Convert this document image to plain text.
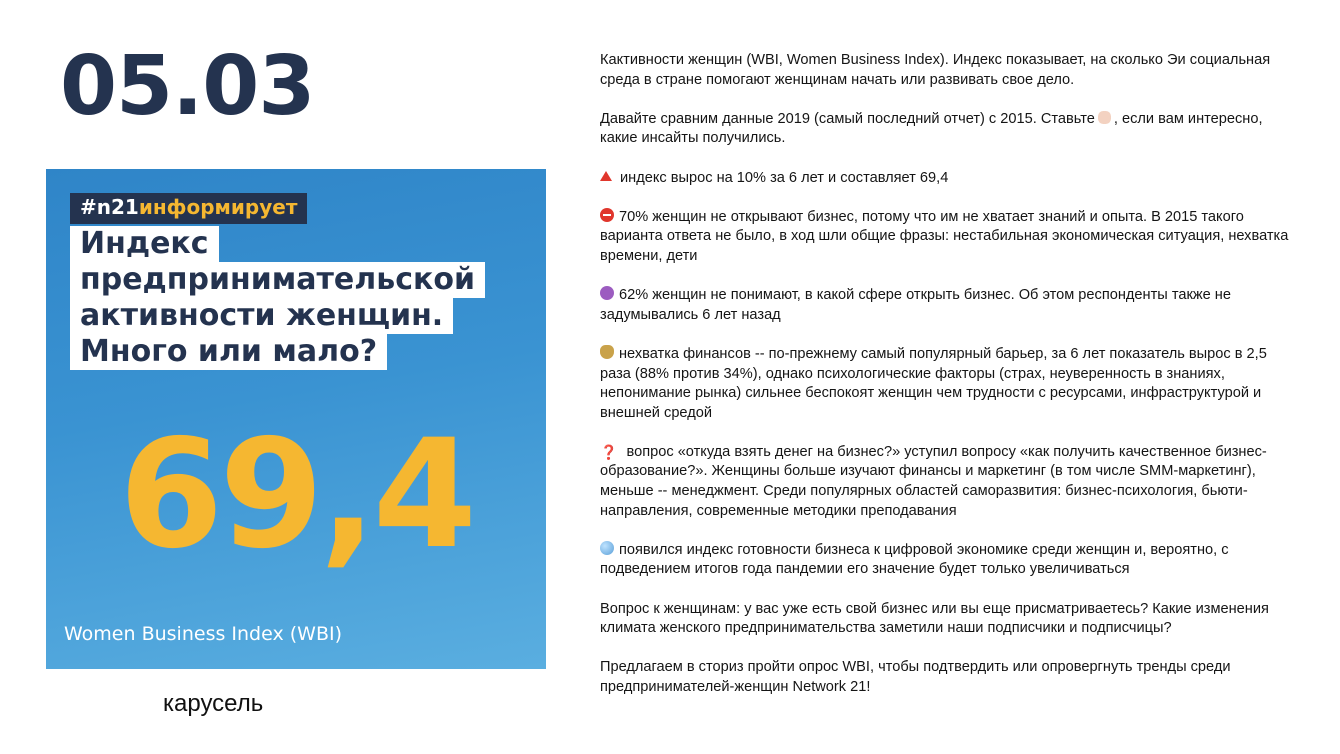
05.03
#n21информирует
Индекс
предпринимательской
активности женщин.
Много или мало?
69,4
Women Business Index (WBI)
карусель

Кактивности женщин (WBI, Women Business Index). Индекс показывает, на сколько Эи социальная среда в стране помогают женщинам начать или развивать свое дело.

Давайте сравним данные 2019 (самый последний отчет) с 2015. Ставьте , если вам интересно, какие инсайты получились.

индекс вырос на 10% за 6 лет и составляет 69,4

70% женщин не открывают бизнес, потому что им не хватает знаний и опыта. В 2015 такого варианта ответа не было, в ход шли общие фразы: нестабильная экономическая ситуация, нехватка времени, дети

62% женщин не понимают, в какой сфере открыть бизнес. Об этом респонденты также не задумывались 6 лет назад

нехватка финансов -- по-прежнему самый популярный барьер, за 6 лет показатель вырос в 2,5 раза (88% против 34%), однако психологические факторы (страх, неуверенность в знаниях, непонимание рынка) сильнее беспокоят женщин чем трудности с ресурсами, инфраструктурой и внешней средой

❓ вопрос «откуда взять денег на бизнес?» уступил вопросу «как получить качественное бизнес-образование?». Женщины больше изучают финансы и маркетинг (в том числе SMM-маркетинг), меньше -- менеджмент. Среди популярных областей саморазвития: бизнес-психология, бьюти-направления, современные методики преподавания

появился индекс готовности бизнеса к цифровой экономике среди женщин и, вероятно, с подведением итогов года пандемии его значение будет только увеличиваться

Вопрос к женщинам: у вас уже есть свой бизнес или вы еще присматриваетесь? Какие изменения климата женского предпринимательства заметили наши подписчики и подписчицы?

Предлагаем в сториз пройти опрос WBI, чтобы подтвердить или опровергнуть тренды среди предпринимателей-женщин Network 21!
